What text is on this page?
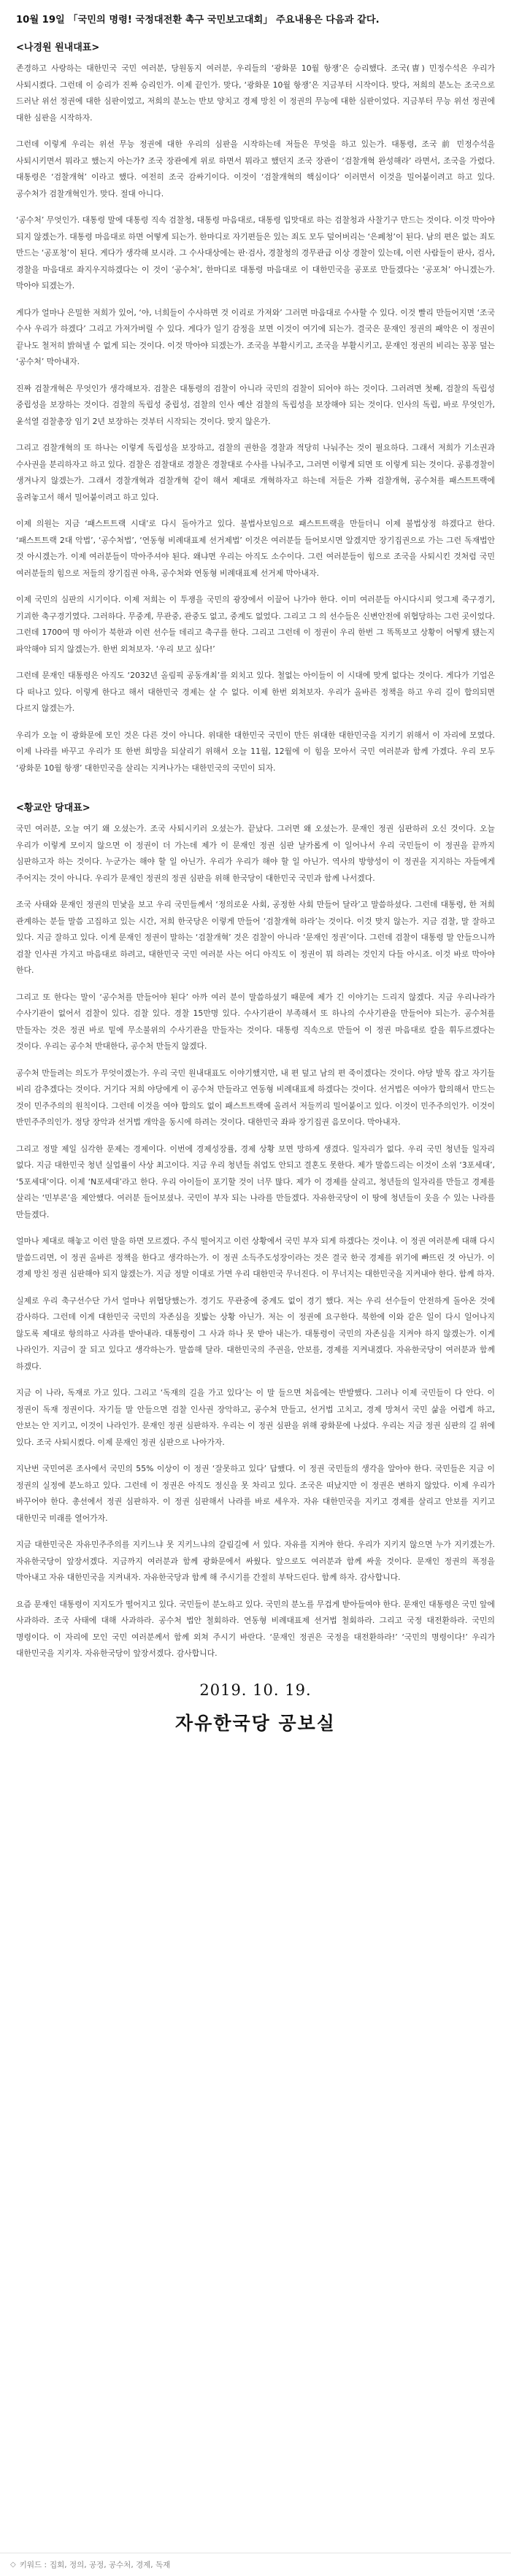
10월 19일 「국민의 명령! 국정대전환 촉구 국민보고대회」 주요내용은 다음과 같다.
<나경원 원내대표>

존경하고 사랑하는 대한민국 국민 여러분, 당원동지 여러분, 우리들의 ‘광화문 10월 항쟁’은 승리했다. 조국(曺) 민정수석은 우리가 사퇴시켰다. 그런데 이 승리가 진짜 승리인가. 이제 끝인가. 맞다, ‘광화문 10월 항쟁’은 지금부터 시작이다. 맞다, 저희의 분노는 조국으로 드러난 위선 정권에 대한 심판이었고, 저희의 분노는 반보 양치고 경제 망친 이 정권의 무능에 대한 심판이었다. 지금부터 무능 위선 정권에 대한 심판을 시작하자.

그런데 이렇게 우리는 위선 무능 정권에 대한 우리의 심판을 시작하는데 저들은 무엇을 하고 있는가. 대통령, 조국 前 민정수석을 사퇴시키면서 뭐라고 했는지 아는가? 조국 장관에게 위로 하면서 뭐라고 했던지 조국 장관이 ‘검찰개혁 완성해라’ 라면서, 조국을 가렸다. 대통령은 ‘검찰개혁’ 이라고 했다. 여전히 조국 감싸기이다. 이것이 ‘검찰개혁의 핵심이다’ 이러면서 이것을 밀어붙이려고 하고 있다. 공수처가 검찰개혁인가. 맞다. 절대 아니다.

‘공수처’ 무엇인가. 대통령 말에 대통령 직속 검찰청, 대통령 마음대로, 대통령 입맛대로 하는 검찰청과 사찰기구 만드는 것이다. 이것 막아야 되지 않겠는가. 대통령 마음대로 하면 어떻게 되는가. 한마디로 자기편들은 있는 죄도 모두 덮어버리는 ‘은폐청’이 된다. 남의 편은 없는 죄도 만드는 ‘공포청’이 된다. 게다가 생각해 보시라. 그 수사대상에는 판‧검사, 경찰청의 경무관급 이상 경찰이 있는데, 이런 사람들이 판사, 검사, 경찰을 마음대로 좌지우지하겠다는 이 것이 ‘공수처’, 한마디로 대통령 마음대로 이 대한민국을 공포로 만들겠다는 ‘공포처’ 아니겠는가. 막아야 되겠는가.

게다가 얼마나 은밀한 저희가 있어, ‘야, 너희들이 수사하면 것 이리로 가져와’ 그러면 마음대로 수사할 수 있다. 이것 빨리 만들어지면 ‘조국 수사 우리가 하겠다’ 그리고 가져가버릴 수 있다. 게다가 일기 감정을 보면 이것이 여기에 되는가. 결국은 문재인 정권의 패악은 이 정권이 끝나도 철저히 밝혀낼 수 없게 되는 것이다. 이것 막아야 되겠는가. 조국을 부활시키고, 조국을 부활시키고, 문재인 정권의 비리는 꽁꽁 덮는 ‘공수처’ 막아내자.

진짜 검찰개혁은 무엇인가 생각해보자. 검찰은 대통령의 검찰이 아니라 국민의 검찰이 되어야 하는 것이다. 그러려면 첫째, 검찰의 독립성 중립성을 보장하는 것이다. 검찰의 독립성 중립성, 검찰의 인사 예산 검찰의 독립성을 보장해야 되는 것이다. 인사의 독립, 바로 무엇인가, 윤석열 검찰총장 임기 2년 보장하는 것부터 시작되는 것이다. 맞지 않은가.

그리고 검찰개혁의 또 하나는 이렇게 독립성을 보장하고, 검찰의 권한을 경찰과 적당히 나눠주는 것이 필요하다. 그래서 저희가 기소권과 수사권을 분리하자고 하고 있다. 검찰은 검찰대로 경찰은 경찰대로 수사를 나눠주고, 그러면 이렇게 되면 또 이렇게 되는 것이다. 공룡경찰이 생겨나지 않겠는가. 그래서 경찰개혁과 검찰개혁 같이 해서 제대로 개혁하자고 하는데 저들은 가짜 검찰개혁, 공수처를 패스트트랙에 올려놓고서 해서 밀어붙이려고 하고 있다.

이제 의원는 지금 ‘패스트트랙 시대’로 다시 돌아가고 있다. 불법사보임으로 패스트트랙을 만들더니 이제 불법상정 하겠다고 한다. ‘패스트트랙 2대 악법’, ‘공수처법’, ‘연동형 비례대표제 선거제법’ 이것은 여러분들 들어보시면 알겠지만 장기집권으로 가는 그런 독재법안 것 아시겠는가. 이제 여러분들이 막아주셔야 된다. 왜냐면 우리는 아직도 소수이다. 그런 여러분들이 힘으로 조국을 사퇴시킨 것처럼 국민 여러분들의 힘으로 저들의 장기집권 야욕, 공수처와 연동형 비례대표제 선거제 막아내자.

이제 국민의 심판의 시기이다. 이제 저희는 이 투쟁을 국민의 광장에서 이끌어 나가야 한다. 이미 여러분들 아시다시피 엊그제 죽구경기, 기괴한 축구경기였다. 그러하다. 무중계, 무관중, 관중도 없고, 중계도 없었다. 그리고 그 의 선수들은 신변안전에 위협당하는 그런 곳이었다. 그런데 1700여 명 아이가 북한과 이런 선수들 데리고 축구를 한다. 그리고 그런데 이 정권이 우리 한번 그 똑똑보고 상황이 어떻게 됐는지 파악해야 되지 않겠는가. 한번 외쳐보자. ‘우리 보고 싶다!’

그런데 문재인 대통령은 아직도 ‘2032년 올림픽 공동개최’를 외치고 있다. 철없는 아이들이 이 시대에 맞게 없다는 것이다. 게다가 기업은 다 떠나고 있다. 이렇게 한다고 해서 대한민국 경제는 살 수 없다. 이제 한번 외쳐보자. 우리가 올바른 정책을 하고 우리 길이 합의되면 다르지 않겠는가.

우리가 오늘 이 광화문에 모인 것은 다른 것이 아니다. 위대한 대한민국 국민이 만든 위대한 대한민국을 지키기 위해서 이 자리에 모였다. 이제 나라를 바꾸고 우리가 또 한번 희망을 되살리기 위해서 오늘 11월, 12월에 이 힘을 모아서 국민 여러분과 함께 가겠다. 우리 모두 ‘광화문 10월 항쟁’ 대한민국을 살리는 지켜나가는 대한민국의 국민이 되자.

<황교안 당대표>

국민 여러분, 오늘 여기 왜 오셨는가. 조국 사퇴시키러 오셨는가. 끝났다. 그러면 왜 오셨는가. 문재인 정권 심판하러 오신 것이다. 오늘 우리가 이렇게 모이지 않으면 이 정권이 더 가는데 제가 이 문재인 정권 심판 날카롭게 이 일어나서 우리 국민들이 이 정권을 끝까지 심판하고자 하는 것이다. 누군가는 해야 할 일 아닌가. 우리가 우리가 해야 할 일 아닌가. 역사의 방향성이 이 정권을 지지하는 자들에게 주어지는 것이 아니다. 우리가 문재인 정권의 정권 심판을 위해 한국당이 대한민국 국민과 함께 나서겠다.

조국 사태와 문재인 정권의 민낯을 보고 우리 국민들께서 ‘정의로운 사회, 공정한 사회 만들어 달라’고 말씀하셨다. 그런데 대통령, 한 저희 관계하는 분들 말씀 고집하고 있는 시간, 저희 한국당은 이렇게 만들어 ‘검찰개혁 하라’는 것이다. 이것 맞지 않는가. 지금 검찰, 말 잘하고 있다. 지금 잘하고 있다. 이게 문재인 정권이 말하는 ‘검찰개혁’ 것은 검찰이 아니라 ‘문재인 정권’이다. 그런데 검찰이 대통령 말 안들으니까 검찰 인사권 가지고 마음대로 하려고, 대한민국 국민 여러분 사는 어디 아직도 이 정권이 뭐 하려는 것인지 다들 아시죠. 이것 바로 막아야 한다.

그리고 또 한다는 말이 ‘공수처를 만들어야 된다’ 아까 여러 분이 말씀하셨기 때문에 제가 긴 이야기는 드리지 않겠다. 지금 우리나라가 수사기관이 없어서 검찰이 있다. 검찰 있다. 경찰 15만명 있다. 수사기관이 부족해서 또 하나의 수사기관을 만들어야 되는가. 공수처를 만들자는 것은 정권 바로 밑에 무소불위의 수사기관을 만들자는 것이다. 대통령 직속으로 만들어 이 정권 마음대로 칼을 휘두르겠다는 것이다. 우리는 공수처 반대한다, 공수처 만들지 않겠다.

공수처 만들려는 의도가 무엇이겠는가. 우리 국민 원내대표도 이야기했지만, 내 편 덮고 남의 편 죽이겠다는 것이다. 야당 발목 잡고 자기들 비리 감추겠다는 것이다. 거기다 저희 야당에게 이 공수처 만들라고 연동형 비례대표제 하겠다는 것이다. 선거법은 여야가 합의해서 만드는 것이 민주주의의 원칙이다. 그런데 이것을 여야 합의도 없이 패스트트랙에 올려서 저들끼리 밀어붙이고 있다. 이것이 민주주의인가. 이것이 반민주주의인가. 정당 장악과 선거법 개악을 동시에 하려는 것이다. 대한민국 좌파 장기집권 음모이다. 막아내자.

그리고 정말 제일 심각한 문제는 경제이다. 이번에 경제성장률, 경제 상황 보면 망하게 생겼다. 일자리가 없다. 우리 국민 청년들 일자리 없다. 지금 대한민국 청년 실업률이 사상 최고이다. 지금 우리 청년들 취업도 안되고 결혼도 못한다. 제가 말씀드리는 이것이 소위 ‘3포세대’, ‘5포세대’이다. 이제 ‘N포세대’라고 한다. 우리 아이들이 포기할 것이 너무 많다. 제가 이 경제를 살리고, 청년들의 일자리를 만들고 경제를 살리는 ‘민부론’을 제안했다. 여러분 들어보셨나. 국민이 부자 되는 나라를 만들겠다. 자유한국당이 이 땅에 청년들이 웃을 수 있는 나라를 만들겠다.

얼마나 제대로 해놓고 이런 말을 하면 모르겠다. 주식 떨어지고 이런 상황에서 국민 부자 되게 하겠다는 것이냐. 이 정권 여러분께 대해 다시 말씀드리면, 이 정권 올바른 정책을 한다고 생각하는가. 이 정권 소득주도성장이라는 것은 결국 한국 경제를 위기에 빠뜨린 것 아닌가. 이 경제 망친 정권 심판해야 되지 않겠는가. 지금 정말 이대로 가면 우리 대한민국 무너진다. 이 무너지는 대한민국을 지켜내야 한다. 함께 하자.

실제로 우리 축구선수단 가서 얼마나 위협당했는가. 경기도 무관중에 중계도 없이 경기 했다. 저는 우리 선수들이 안전하게 돌아온 것에 감사하다. 그런데 이게 대한민국 국민의 자존심을 짓밟는 상황 아닌가. 저는 이 정권에 요구한다. 북한에 이와 같은 일이 다시 일어나지 않도록 제대로 항의하고 사과를 받아내라. 대통령이 그 사과 하나 못 받아 내는가. 대통령이 국민의 자존심을 지켜야 하지 않겠는가. 이게 나라인가. 지금이 잘 되고 있다고 생각하는가. 말씀해 달라. 대한민국의 주권을, 안보를, 경제를 지켜내겠다. 자유한국당이 여러분과 함께 하겠다.

지금 이 나라, 독재로 가고 있다. 그리고 ‘독재의 길을 가고 있다’는 이 말 들으면 처음에는 반발했다. 그러나 이제 국민들이 다 안다. 이 정권이 독재 정권이다. 자기들 말 안들으면 검찰 인사권 장악하고, 공수처 만들고, 선거법 고치고, 경제 망쳐서 국민 삶을 어렵게 하고, 안보는 안 지키고, 이것이 나라인가. 문재인 정권 심판하자. 우리는 이 정권 심판을 위해 광화문에 나섰다. 우리는 지금 정권 심판의 길 위에 있다. 조국 사퇴시켰다. 이제 문재인 정권 심판으로 나아가자.

지난번 국민여론 조사에서 국민의 55% 이상이 이 정권 ‘잘못하고 있다’ 답했다. 이 정권 국민들의 생각을 알아야 한다. 국민들은 지금 이 정권의 실정에 분노하고 있다. 그런데 이 정권은 아직도 정신을 못 차리고 있다. 조국은 떠났지만 이 정권은 변하지 않았다. 이제 우리가 바꾸어야 한다. 총선에서 정권 심판하자. 이 정권 심판해서 나라를 바로 세우자. 자유 대한민국을 지키고 경제를 살리고 안보를 지키고 대한민국 미래를 열어가자.

지금 대한민국은 자유민주주의를 지키느냐 못 지키느냐의 갈림길에 서 있다. 자유를 지켜야 한다. 우리가 지키지 않으면 누가 지키겠는가. 자유한국당이 앞장서겠다. 지금까지 여러분과 함께 광화문에서 싸웠다. 앞으로도 여러분과 함께 싸울 것이다. 문재인 정권의 폭정을 막아내고 자유 대한민국을 지켜내자. 자유한국당과 함께 해 주시기를 간절히 부탁드린다. 함께 하자. 감사합니다.

요즘 문재인 대통령이 지지도가 떨어지고 있다. 국민들이 분노하고 있다. 국민의 분노를 무겁게 받아들여야 한다. 문재인 대통령은 국민 앞에 사과하라. 조국 사태에 대해 사과하라. 공수처 법안 철회하라. 연동형 비례대표제 선거법 철회하라. 그리고 국정 대전환하라. 국민의 명령이다. 이 자리에 모인 국민 여러분께서 함께 외쳐 주시기 바란다. ‘문재인 정권은 국정을 대전환하라!’ ‘국민의 명령이다!’ 우리가 대한민국을 지키자. 자유한국당이 앞장서겠다. 감사합니다.

2019. 10. 19.
자유한국당 공보실
◇ 키워드 : 집회, 정의, 공정, 공수처, 경제, 독재
